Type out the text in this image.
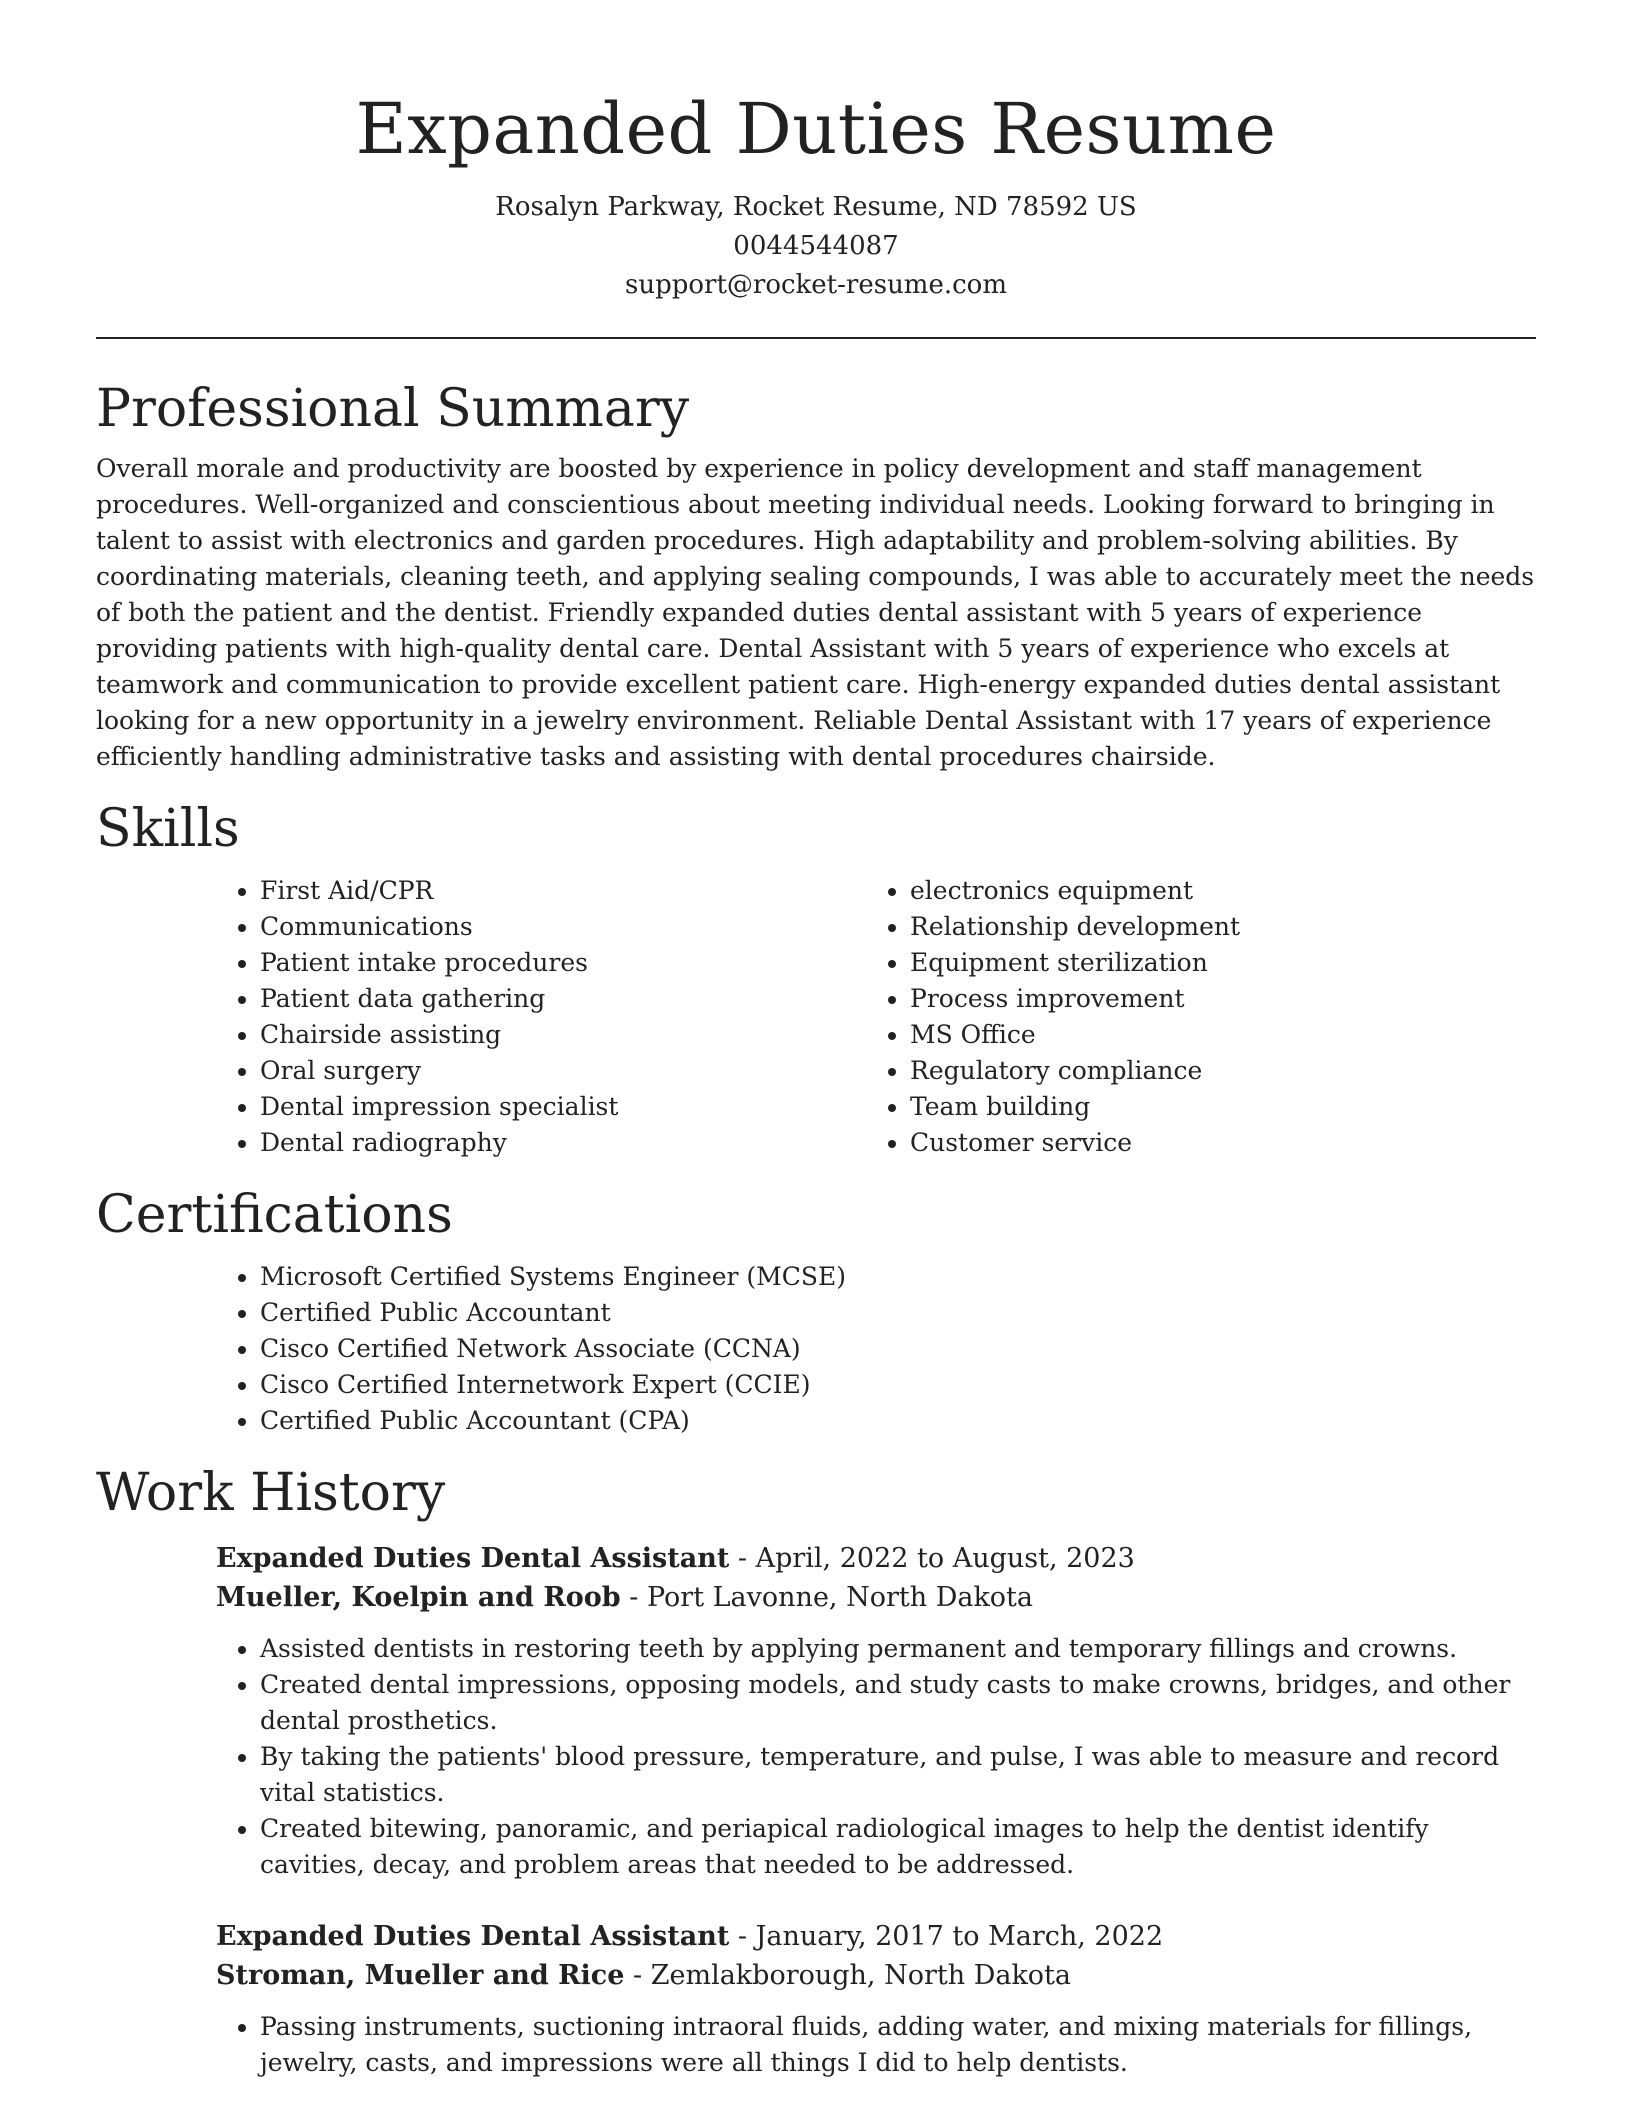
Expanded Duties Resume

Rosalyn Parkway, Rocket Resume, ND 78592 US

0044544087

support@rocket-resume.com

Professional Summary

Overall morale and productivity are boosted by experience in policy development and staff management procedures. Well-organized and conscientious about meeting individual needs. Looking forward to bringing in talent to assist with electronics and garden procedures. High adaptability and problem-solving abilities. By coordinating materials, cleaning teeth, and applying sealing compounds, I was able to accurately meet the needs of both the patient and the dentist. Friendly expanded duties dental assistant with 5 years of experience providing patients with high-quality dental care. Dental Assistant with 5 years of experience who excels at teamwork and communication to provide excellent patient care. High-energy expanded duties dental assistant looking for a new opportunity in a jewelry environment. Reliable Dental Assistant with 17 years of experience efficiently handling administrative tasks and assisting with dental procedures chairside.

Skills
• First Aid/CPR
• Communications
• Patient intake procedures
• Patient data gathering
• Chairside assisting
• Oral surgery
• Dental impression specialist
• Dental radiography
• electronics equipment
• Relationship development
• Equipment sterilization
• Process improvement
• MS Office
• Regulatory compliance
• Team building
• Customer service
Certifications
• Microsoft Certified Systems Engineer (MCSE)
• Certified Public Accountant
• Cisco Certified Network Associate (CCNA)
• Cisco Certified Internetwork Expert (CCIE)
• Certified Public Accountant (CPA)
Work History

Expanded Duties Dental Assistant - April, 2022 to August, 2023

Mueller, Koelpin and Roob - Port Lavonne, North Dakota

• Assisted dentists in restoring teeth by applying permanent and temporary fillings and crowns.
• Created dental impressions, opposing models, and study casts to make crowns, bridges, and other dental prosthetics.
• By taking the patients' blood pressure, temperature, and pulse, I was able to measure and record vital statistics.
• Created bitewing, panoramic, and periapical radiological images to help the dentist identify cavities, decay, and problem areas that needed to be addressed.

Expanded Duties Dental Assistant - January, 2017 to March, 2022

Stroman, Mueller and Rice - Zemlakborough, North Dakota

• Passing instruments, suctioning intraoral fluids, adding water, and mixing materials for fillings, jewelry, casts, and impressions were all things I did to help dentists.
